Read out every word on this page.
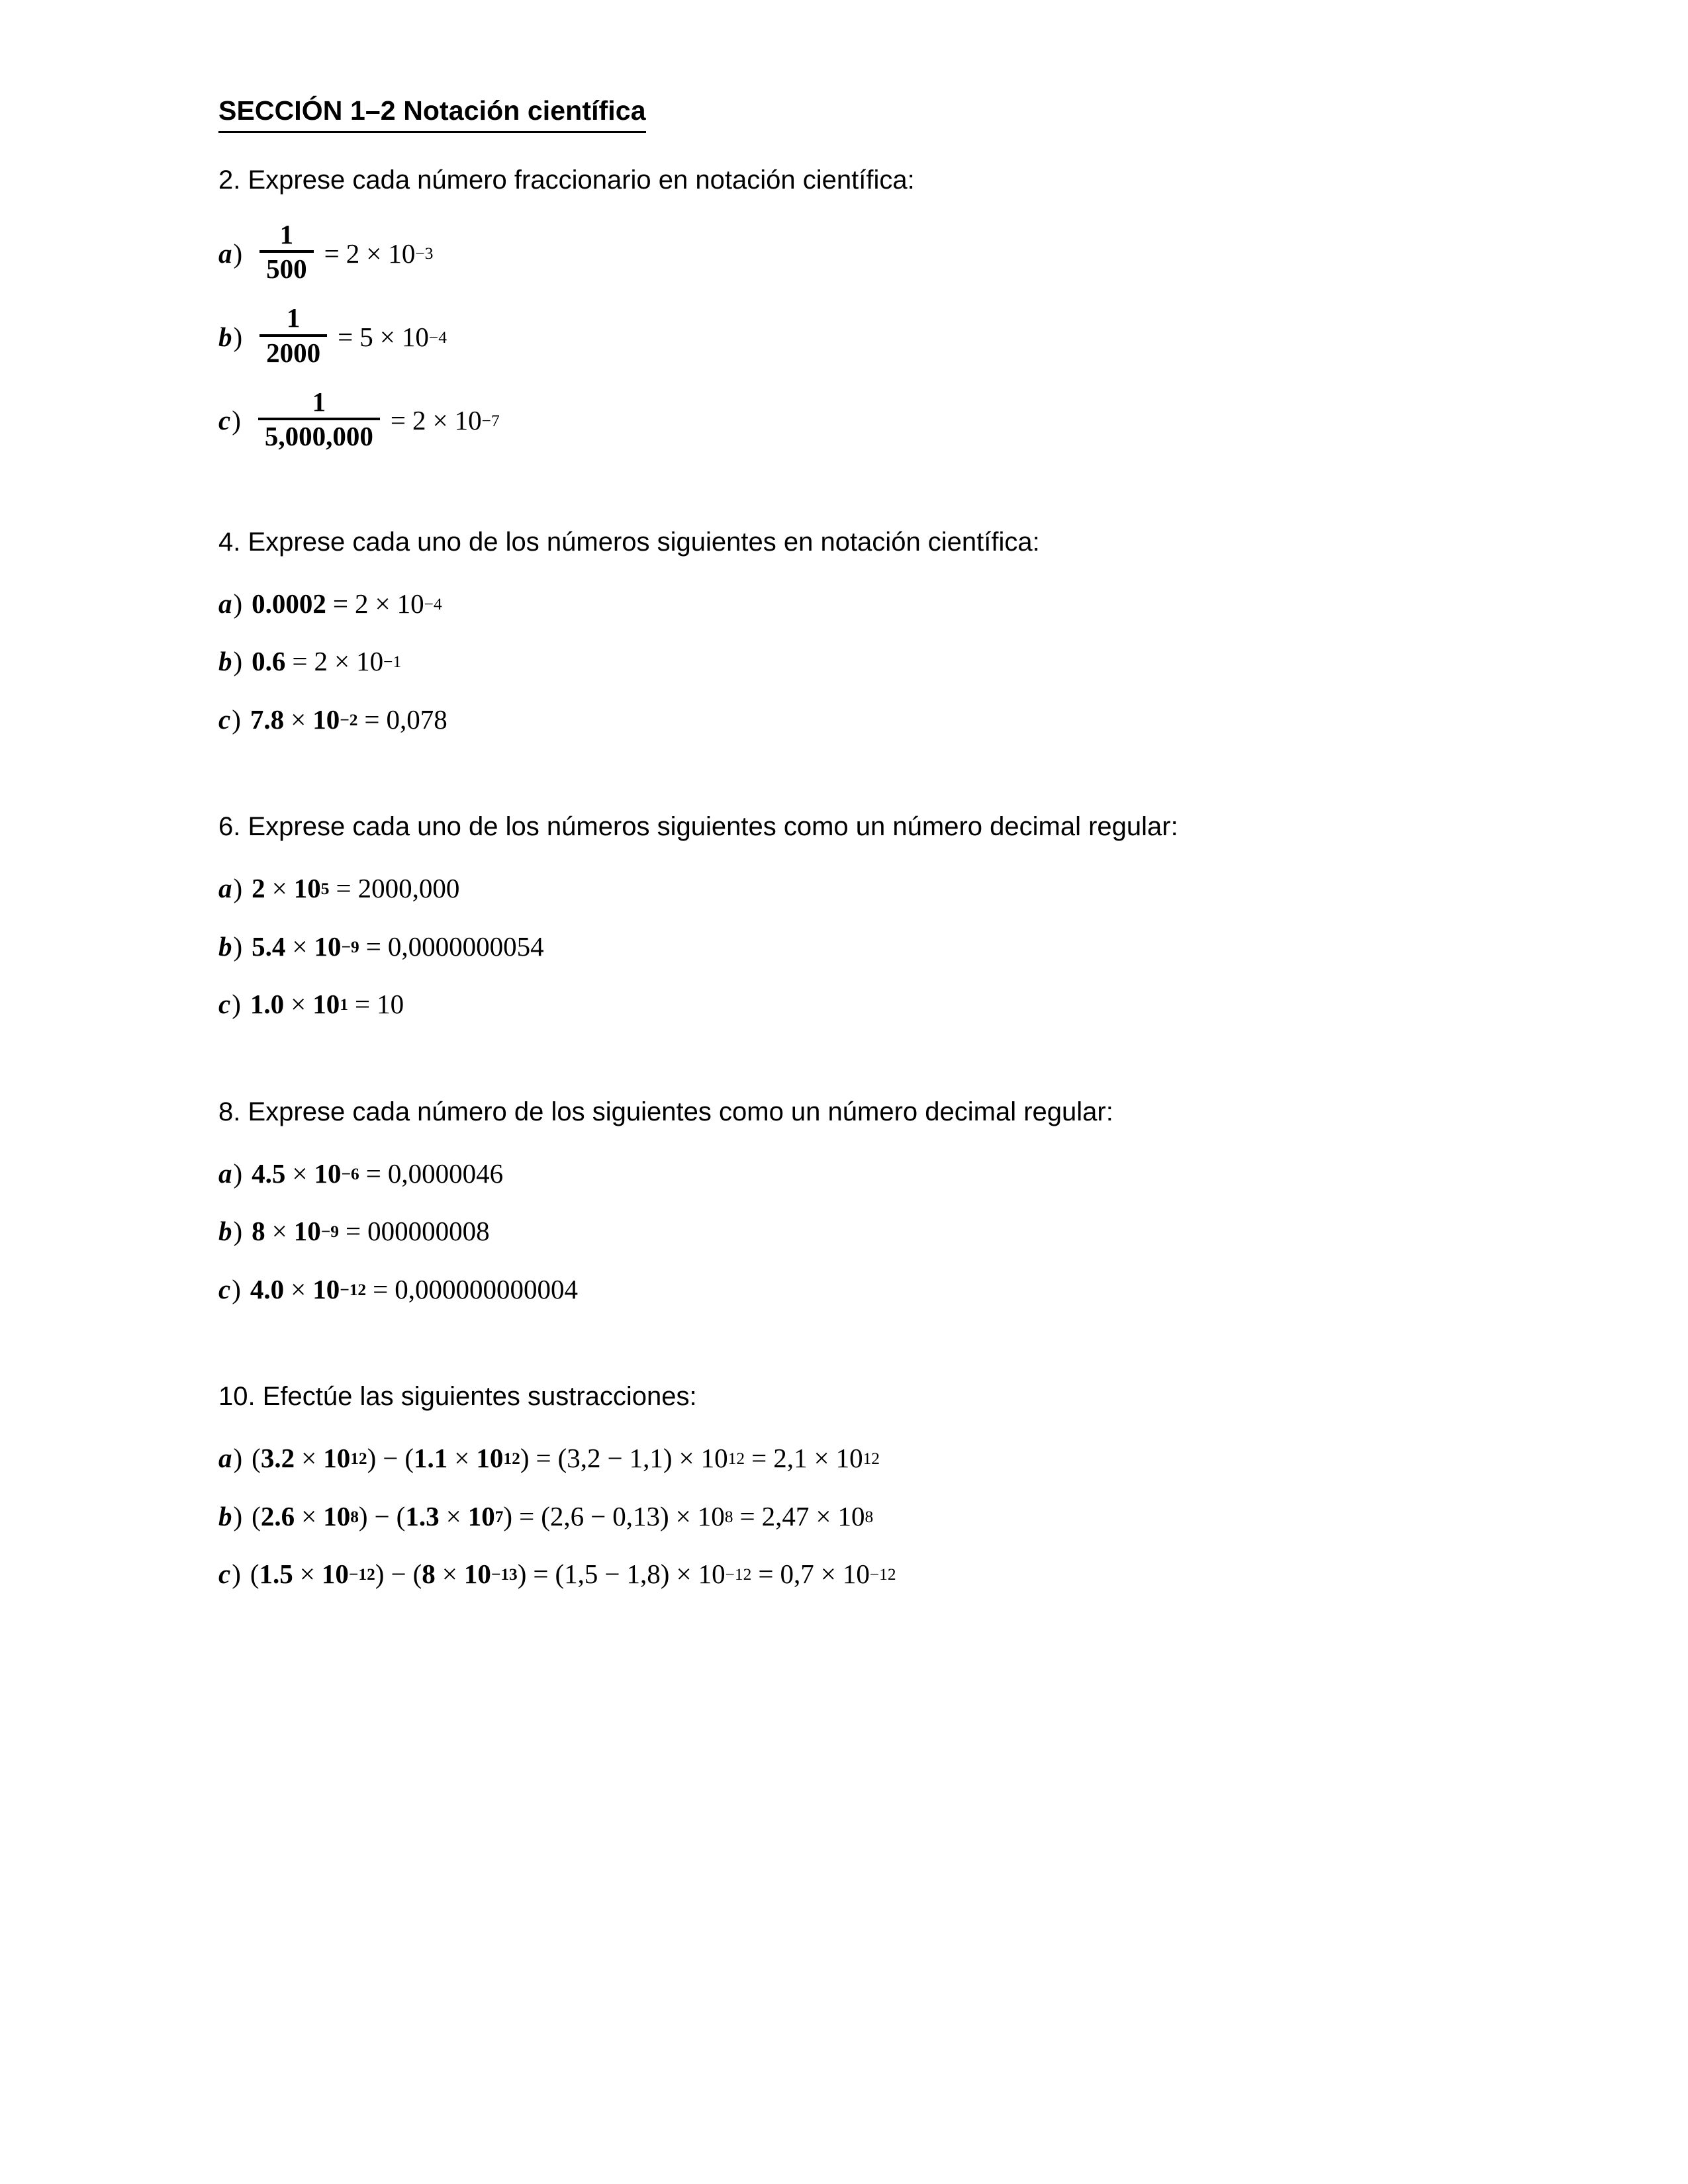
SECCIÓN 1–2 Notación científica

2. Exprese cada número fraccionario en notación científica:

a ) $\frac{1}{500} = 2 \times 10 -3$
b ) $\frac{1}{2000} = 5 \times 10 -4$
c ) $\frac{1}{5,000,000} = 2 \times 10 -7$

4. Exprese cada uno de los números siguientes en notación científica:

a ) 0.0002 = 2 × 10 −4
b ) 0.6 = 2 × 10 −1
c ) 7.8 × 10 −2 = 0,078

6. Exprese cada uno de los números siguientes como un número decimal regular:

a ) 2 × 10 5 = 2000,000
b ) 5.4 × 10 −9 = 0,0000000054
c ) 1.0 × 10 1 = 10

8. Exprese cada número de los siguientes como un número decimal regular:

a ) 4.5 × 10 −6 = 0,0000046
b ) 8 × 10 −9 = 000000008
c ) 4.0 × 10 −12 = 0,000000000004

10. Efectúe las siguientes sustracciones:

a ) ( 3.2 × 10 12 ) − ( 1.1 × 10 12 ) = ( 3,2 − 1,1 ) × 10 12 = 2,1 × 10 12
b ) ( 2.6 × 10 8 ) − ( 1.3 × 10 7 ) = ( 2,6 − 0,13 ) × 10 8 = 2,47 × 10 8
c ) ( 1.5 × 10 −12 ) − ( 8 × 10 −13 ) = ( 1,5 − 1,8 ) × 10 −12 = 0,7 × 10 −12
